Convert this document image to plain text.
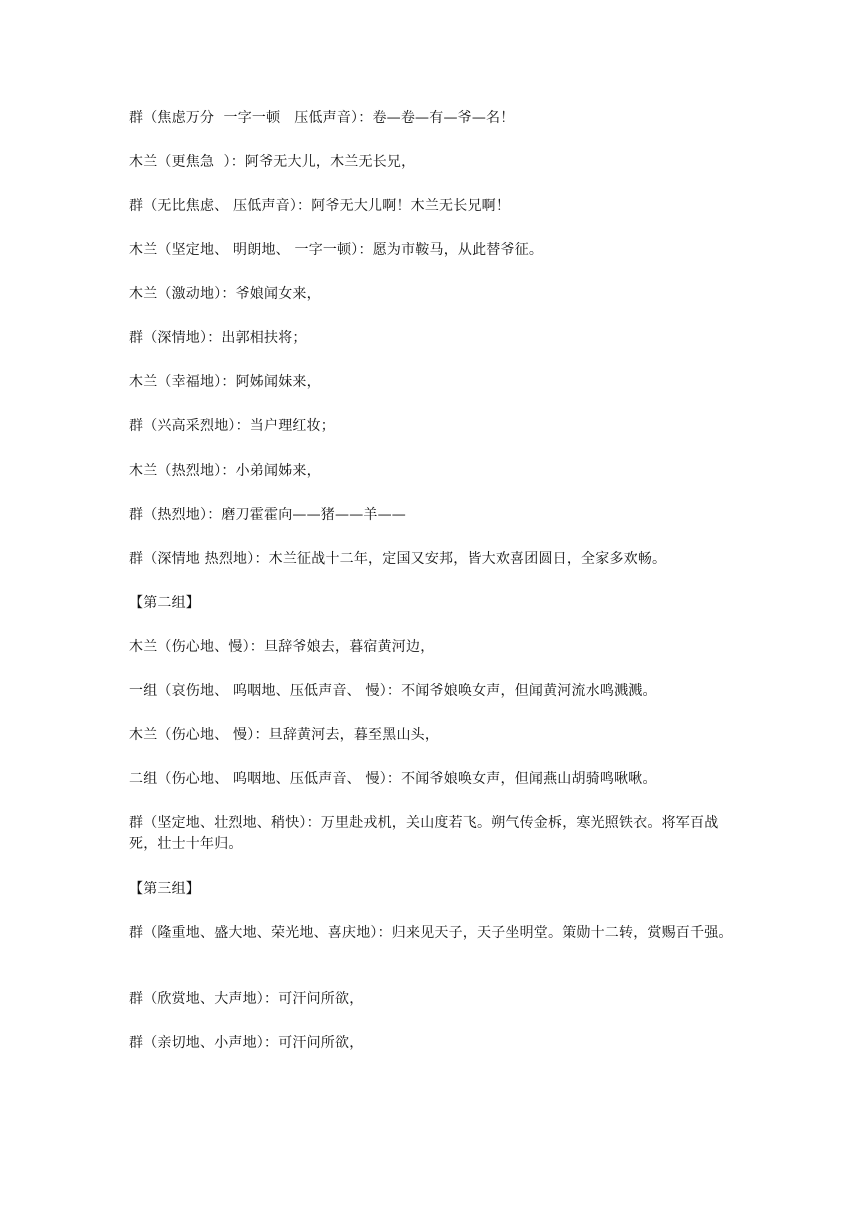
群（焦虑万分  一字一顿   压低声音）：卷—卷—有—爷—名！
木兰（更焦急  ）：阿爷无大儿，木兰无长兄，
群（无比焦虑、 压低声音）：阿爷无大儿啊！木兰无长兄啊！
木兰（坚定地、 明朗地、 一字一顿）：愿为市鞍马，从此替爷征。
木兰（激动地）：爷娘闻女来，
群（深情地）：出郭相扶将；
木兰（幸福地）：阿姊闻妹来，
群（兴高采烈地）：当户理红妆；
木兰（热烈地）：小弟闻姊来，
群（热烈地）：磨刀霍霍向——猪——羊——
群（深情地 热烈地）：木兰征战十二年，定国又安邦，皆大欢喜团圆日，全家多欢畅。
【第二组】
木兰（伤心地、慢）：旦辞爷娘去，暮宿黄河边，
一组（哀伤地、 呜咽地、压低声音、 慢）：不闻爷娘唤女声，但闻黄河流水鸣溅溅。
木兰（伤心地、 慢）：旦辞黄河去，暮至黑山头，
二组（伤心地、 呜咽地、压低声音、 慢）：不闻爷娘唤女声，但闻燕山胡骑鸣啾啾。
群（坚定地、壮烈地、稍快）：万里赴戎机，关山度若飞。朔气传金柝，寒光照铁衣。将军百战死，壮士十年归。
【第三组】
群（隆重地、盛大地、荣光地、喜庆地）：归来见天子，天子坐明堂。策勋十二转，赏赐百千强。
群（欣赏地、大声地）：可汗问所欲，
群（亲切地、小声地）：可汗问所欲，
